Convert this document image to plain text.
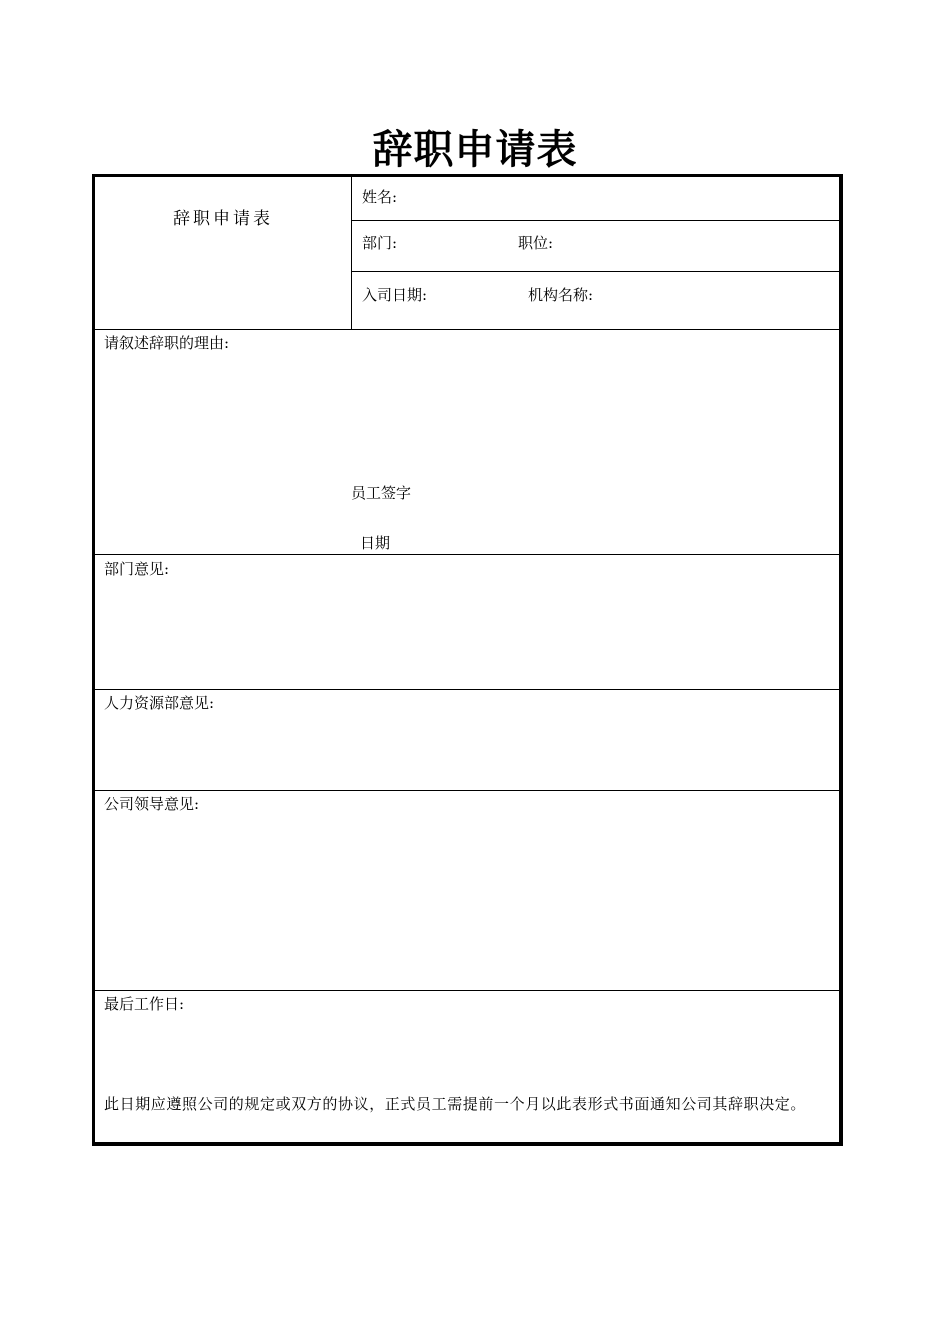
辞职申请表
辞职申请表
姓名:
部门:	职位:
入司日期:	机构名称:
请叙述辞职的理由:
员工签字
日期
部门意见:
人力资源部意见:
公司领导意见:
最后工作日:
此日期应遵照公司的规定或双方的协议，正式员工需提前一个月以此表形式书面通知公司其辞职决定。
